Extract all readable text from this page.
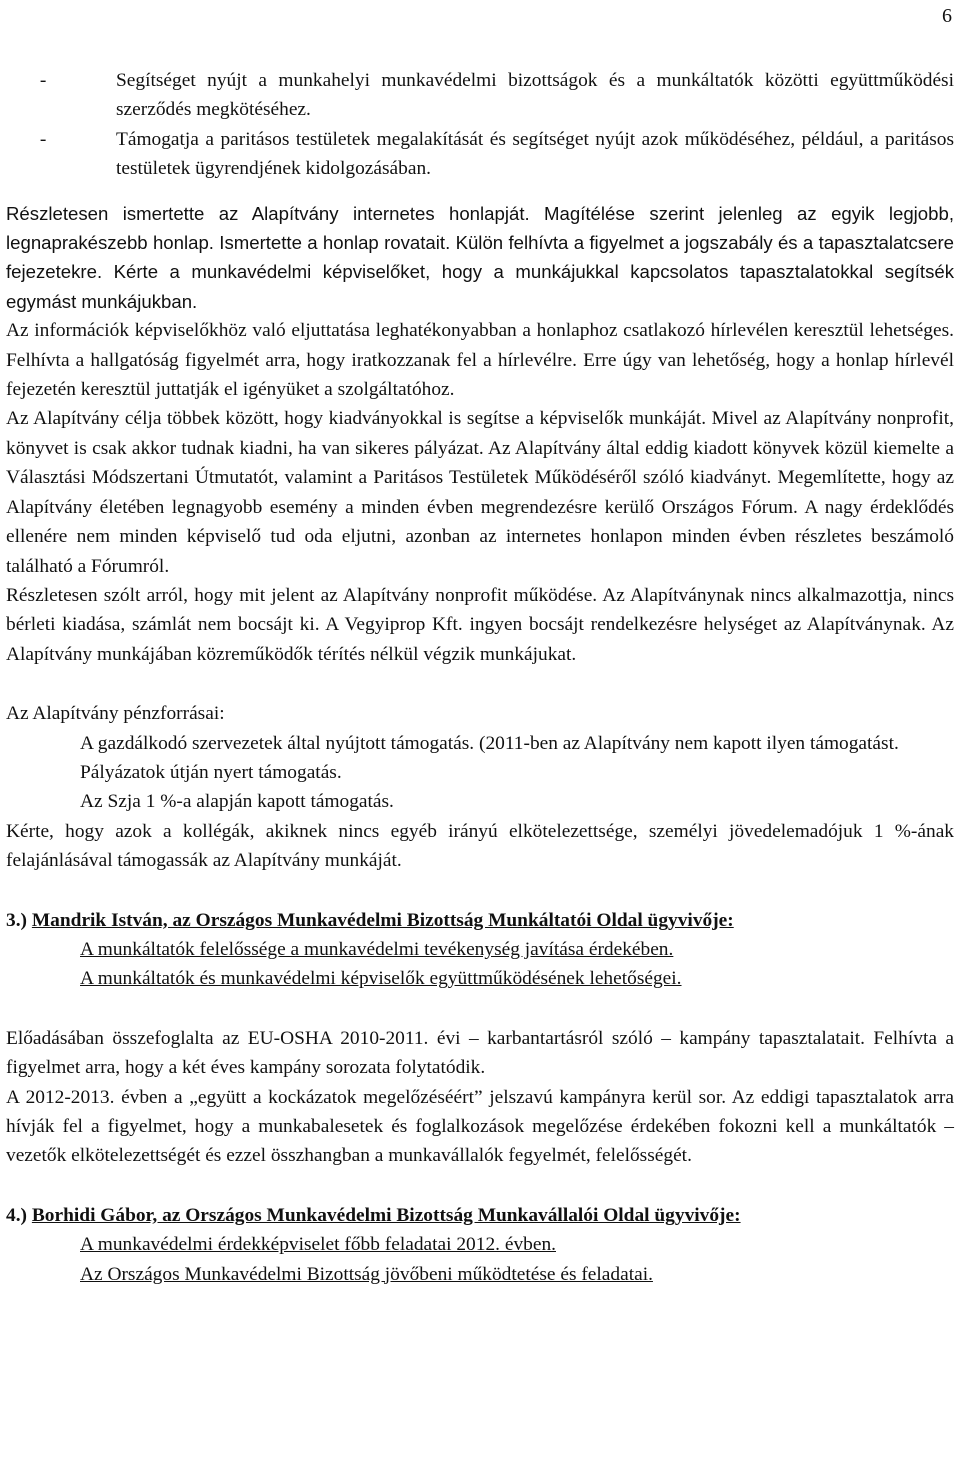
6
-	Segítséget nyújt a munkahelyi munkavédelmi bizottságok és a munkáltatók közötti együttműködési szerződés megkötéséhez.
-	Támogatja a paritásos testületek megalakítását és segítséget nyújt azok működéséhez, például, a paritásos testületek ügyrendjének kidolgozásában.

Részletesen ismertette az Alapítvány internetes honlapját. Magítélése szerint jelenleg az egyik legjobb, legnaprakészebb honlap. Ismertette a honlap rovatait. Külön felhívta a figyelmet a jogszabály és a tapasztalatcsere fejezetekre. Kérte a munkavédelmi képviselőket, hogy a munkájukkal kapcsolatos tapasztalatokkal segítsék egymást munkájukban.

Az információk képviselőkhöz való eljuttatása leghatékonyabban a honlaphoz csatlakozó hírlevélen keresztül lehetséges. Felhívta a hallgatóság figyelmét arra, hogy iratkozzanak fel a hírlevélre. Erre úgy van lehetőség, hogy a honlap hírlevél fejezetén keresztül juttatják el igényüket a szolgáltatóhoz.

Az Alapítvány célja többek között, hogy kiadványokkal is segítse a képviselők munkáját. Mivel az Alapítvány nonprofit, könyvet is csak akkor tudnak kiadni, ha van sikeres pályázat. Az Alapítvány által eddig kiadott könyvek közül kiemelte a Választási Módszertani Útmutatót, valamint a Paritásos Testületek Működéséről szóló kiadványt. Megemlítette, hogy az Alapítvány életében legnagyobb esemény a minden évben megrendezésre kerülő Országos Fórum. A nagy érdeklődés ellenére nem minden képviselő tud oda eljutni, azonban az internetes honlapon minden évben részletes beszámoló található a Fórumról.

Részletesen szólt arról, hogy mit jelent az Alapítvány nonprofit működése. Az Alapítványnak nincs alkalmazottja, nincs bérleti kiadása, számlát nem bocsájt ki. A Vegyiprop Kft. ingyen bocsájt rendelkezésre helységet az Alapítványnak. Az Alapítvány munkájában közreműködők térítés nélkül végzik munkájukat.

Az Alapítvány pénzforrásai:

A gazdálkodó szervezetek által nyújtott támogatás. (2011-ben az Alapítvány nem kapott ilyen támogatást.

Pályázatok útján nyert támogatás.

Az Szja 1 %-a alapján kapott támogatás.

Kérte, hogy azok a kollégák, akiknek nincs egyéb irányú elkötelezettsége, személyi jövedelemadójuk 1 %-ának felajánlásával támogassák az Alapítvány munkáját.

3.) Mandrik István, az Országos Munkavédelmi Bizottság Munkáltatói Oldal ügyvivője:

A munkáltatók felelőssége a munkavédelmi tevékenység javítása érdekében.

A munkáltatók és munkavédelmi képviselők együttműködésének lehetőségei.

Előadásában összefoglalta az EU-OSHA 2010-2011. évi – karbantartásról szóló – kampány tapasztalatait. Felhívta a figyelmet arra, hogy a két éves kampány sorozata folytatódik.

A 2012-2013. évben a „együtt a kockázatok megelőzéséért” jelszavú kampányra kerül sor. Az eddigi tapasztalatok arra hívják fel a figyelmet, hogy a munkabalesetek és foglalkozások megelőzése érdekében fokozni kell a munkáltatók – vezetők elkötelezettségét és ezzel összhangban a munkavállalók fegyelmét, felelősségét.

4.) Borhidi Gábor, az Országos Munkavédelmi Bizottság Munkavállalói Oldal ügyvivője:

A munkavédelmi érdekképviselet főbb feladatai 2012. évben.

Az Országos Munkavédelmi Bizottság jövőbeni működtetése és feladatai.
